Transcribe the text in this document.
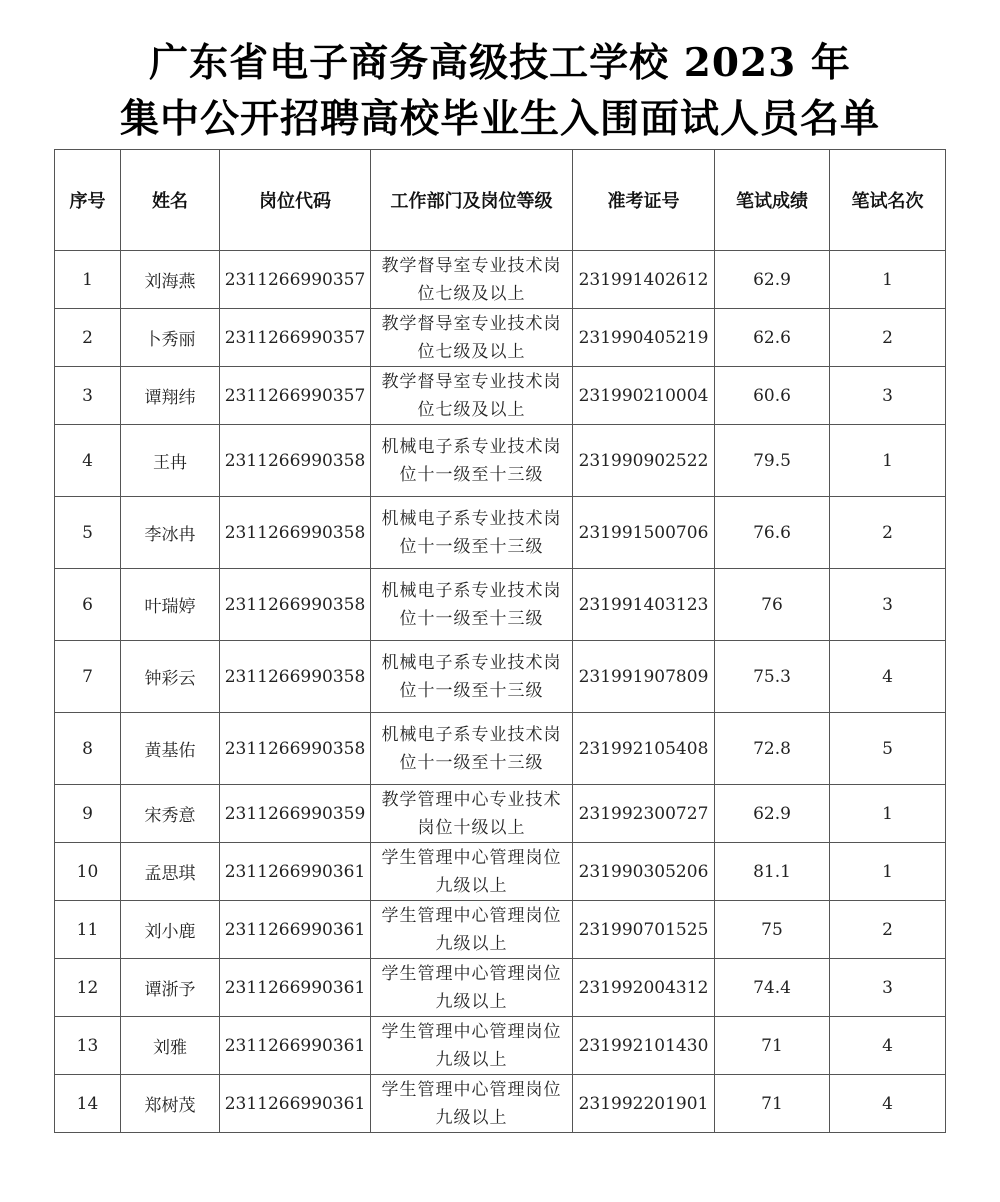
广东省电子商务高级技工学校 2023 年
集中公开招聘高校毕业生入围面试人员名单
序号	姓名	岗位代码	工作部门及岗位等级	准考证号	笔试成绩	笔试名次
1	刘海燕	2311266990357	教学督导室专业技术岗位七级及以上	231991402612	62.9	1
2	卜秀丽	2311266990357	教学督导室专业技术岗位七级及以上	231990405219	62.6	2
3	谭翔纬	2311266990357	教学督导室专业技术岗位七级及以上	231990210004	60.6	3
4	王冉	2311266990358	机械电子系专业技术岗位十一级至十三级	231990902522	79.5	1
5	李冰冉	2311266990358	机械电子系专业技术岗位十一级至十三级	231991500706	76.6	2
6	叶瑞婷	2311266990358	机械电子系专业技术岗位十一级至十三级	231991403123	76	3
7	钟彩云	2311266990358	机械电子系专业技术岗位十一级至十三级	231991907809	75.3	4
8	黄基佑	2311266990358	机械电子系专业技术岗位十一级至十三级	231992105408	72.8	5
9	宋秀意	2311266990359	教学管理中心专业技术岗位十级以上	231992300727	62.9	1
10	孟思琪	2311266990361	学生管理中心管理岗位九级以上	231990305206	81.1	1
11	刘小鹿	2311266990361	学生管理中心管理岗位九级以上	231990701525	75	2
12	谭浙予	2311266990361	学生管理中心管理岗位九级以上	231992004312	74.4	3
13	刘雅	2311266990361	学生管理中心管理岗位九级以上	231992101430	71	4
14	郑树茂	2311266990361	学生管理中心管理岗位九级以上	231992201901	71	4
